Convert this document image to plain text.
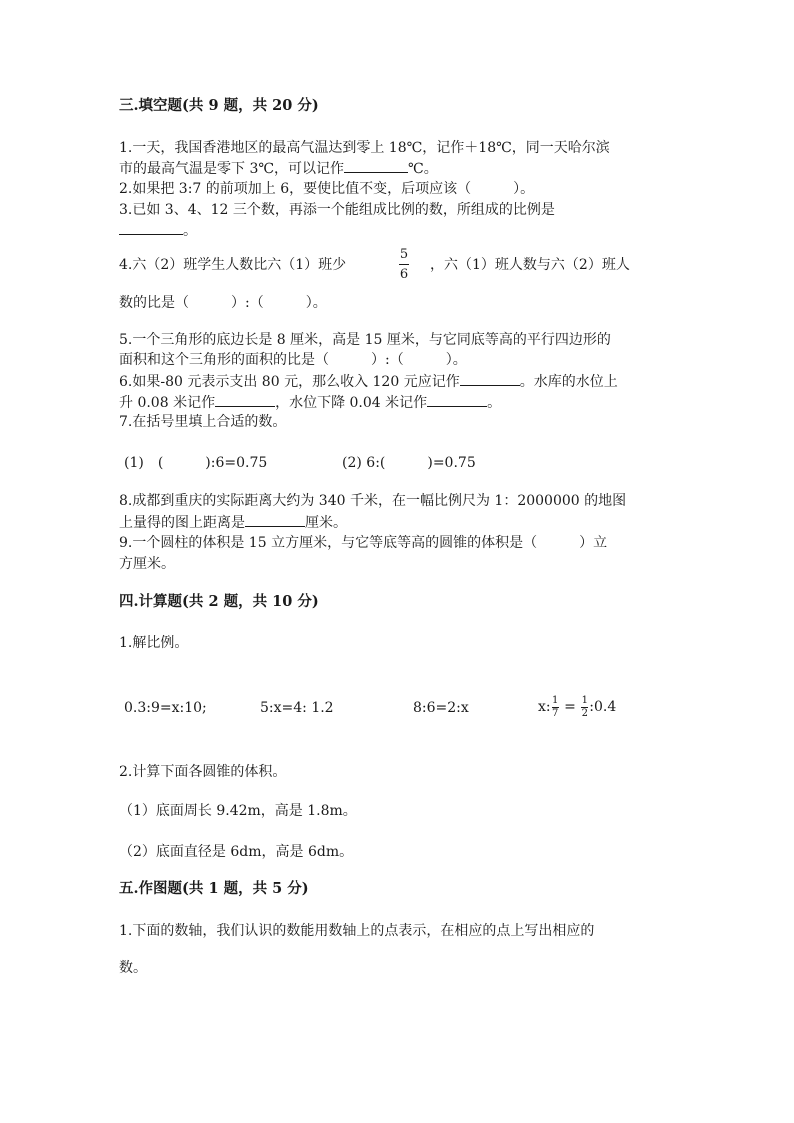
三.填空题(共 9 题，共 20 分)
1.一天，我国香港地区的最高气温达到零上 18℃，记作＋18℃，同一天哈尔滨
市的最高气温是零下 3℃，可以记作	℃。
2.如果把 3:7 的前项加上 6，要使比值不变，后项应该（　　　）。
3.已如 3、4、12 三个数，再添一个能组成比例的数，所组成的比例是
。
4.六（2）班学生人数比六（1）班少
5
6
，六（1）班人数与六（2）班人
数的比是（　　　）:（　　　）。
5.一个三角形的底边长是 8 厘米，高是 15 厘米，与它同底等高的平行四边形的
面积和这个三角形的面积的比是（　　　）:（　　　）。
6.如果-80 元表示支出 80 元，那么收入 120 元应记作	。水库的水位上
升 0.08 米记作	，水位下降 0.04 米记作	。
7.在括号里填上合适的数。
(1)　(　　　):6=0.75	(2) 6:(　　　)=0.75
8.成都到重庆的实际距离大约为 340 千米，在一幅比例尺为 1：2000000 的地图
上量得的图上距离是	厘米。
9.一个圆柱的体积是 15 立方厘米，与它等底等高的圆锥的体积是（　　　）立
方厘米。
四.计算题(共 2 题，共 10 分)
1.解比例。
0.3:9=x:10;	5:x=4: 1.2	8:6=2:x	x: $\frac{1}{7} = \frac{1}{2}$ :0.4
2.计算下面各圆锥的体积。
（1）底面周长 9.42m，高是 1.8m。
（2）底面直径是 6dm，高是 6dm。
五.作图题(共 1 题，共 5 分)
1.下面的数轴，我们认识的数能用数轴上的点表示，在相应的点上写出相应的
数。
